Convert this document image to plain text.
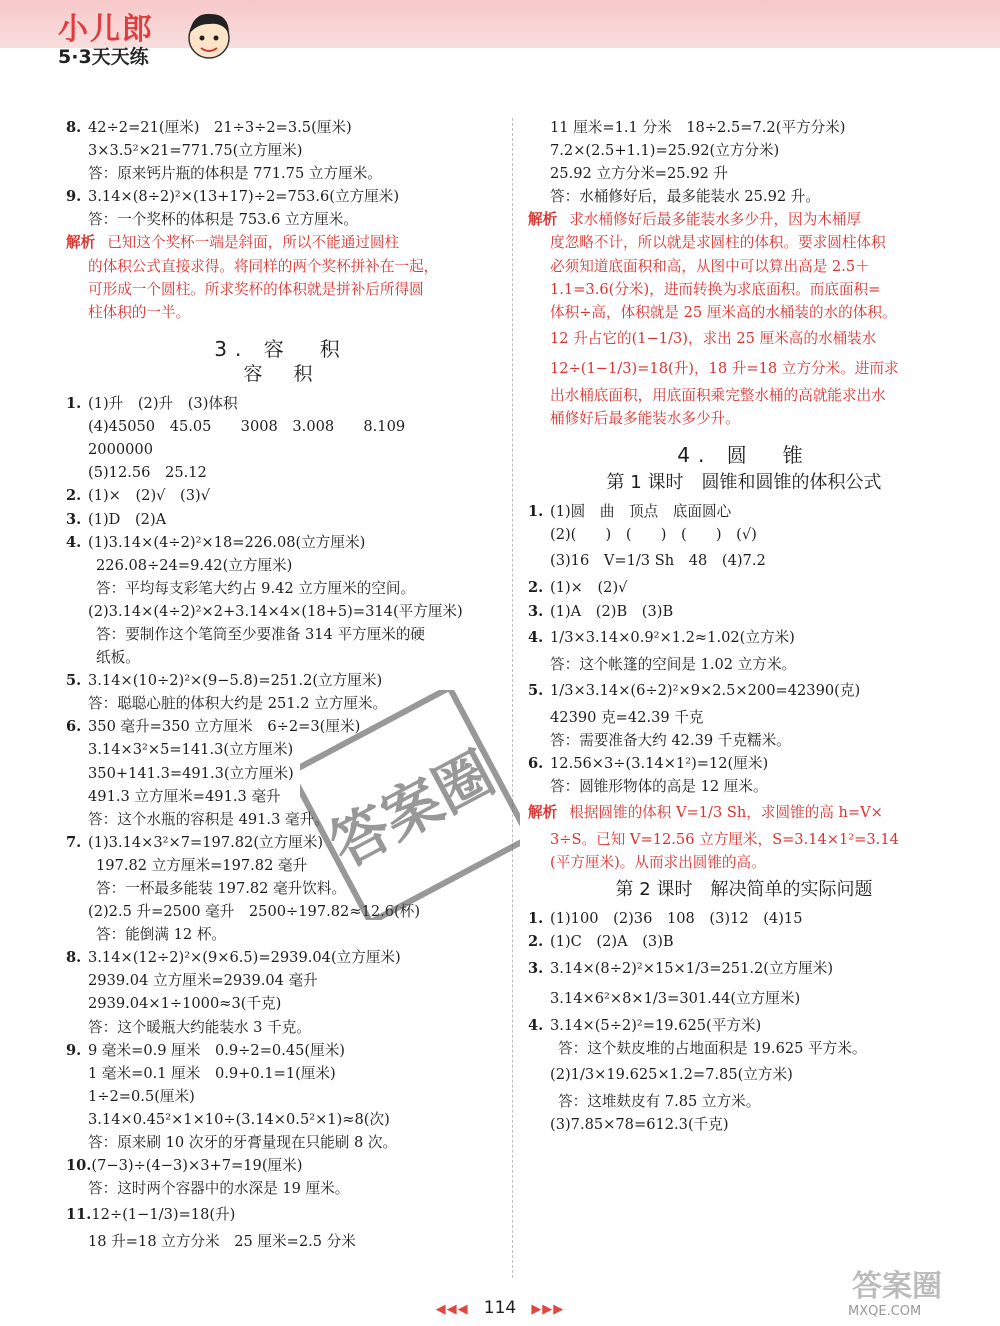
小儿郎
5·3天天练
8. 42÷2=21(厘米)　21÷3÷2=3.5(厘米)
3×3.5²×21=771.75(立方厘米)
答：原来钙片瓶的体积是 771.75 立方厘米。
9. 3.14×(8÷2)²×(13+17)÷2=753.6(立方厘米)
答：一个奖杯的体积是 753.6 立方厘米。
解析 已知这个奖杯一端是斜面，所以不能通过圆柱
的体积公式直接求得。将同样的两个奖杯拼补在一起，
可形成一个圆柱。所求奖杯的体积就是拼补后所得圆
柱体积的一半。
3. 容　积
容　积
1. (1)升　(2)升　(3)体积
(4)45050　45.05　　3008　3.008　　8.109
2000000
(5)12.56　25.12
2. (1)×　(2)√　(3)√
3. (1)D　(2)A
4. (1)3.14×(4÷2)²×18=226.08(立方厘米)
226.08÷24=9.42(立方厘米)
答：平均每支彩笔大约占 9.42 立方厘米的空间。
(2)3.14×(4÷2)²×2+3.14×4×(18+5)=314(平方厘米)
答：要制作这个笔筒至少要准备 314 平方厘米的硬
纸板。
5. 3.14×(10÷2)²×(9−5.8)=251.2(立方厘米)
答：聪聪心脏的体积大约是 251.2 立方厘米。
6. 350 毫升=350 立方厘米　6÷2=3(厘米)
3.14×3²×5=141.3(立方厘米)
350+141.3=491.3(立方厘米)
491.3 立方厘米=491.3 毫升
答：这个水瓶的容积是 491.3 毫升。
7. (1)3.14×3²×7=197.82(立方厘米)
197.82 立方厘米=197.82 毫升
答：一杯最多能装 197.82 毫升饮料。
(2)2.5 升=2500 毫升　2500÷197.82≈12.6(杯)
答：能倒满 12 杯。
8. 3.14×(12÷2)²×(9×6.5)=2939.04(立方厘米)
2939.04 立方厘米=2939.04 毫升
2939.04×1÷1000≈3(千克)
答：这个暖瓶大约能装水 3 千克。
9. 9 毫米=0.9 厘米　0.9÷2=0.45(厘米)
1 毫米=0.1 厘米　0.9+0.1=1(厘米)
1÷2=0.5(厘米)
3.14×0.45²×1×10÷(3.14×0.5²×1)≈8(次)
答：原来刷 10 次牙的牙膏量现在只能刷 8 次。
10.(7−3)÷(4−3)×3+7=19(厘米)
答：这时两个容器中的水深是 19 厘米。
11.12÷(1−1/3)=18(升)
18 升=18 立方分米　25 厘米=2.5 分米
11 厘米=1.1 分米　18÷2.5=7.2(平方分米)
7.2×(2.5+1.1)=25.92(立方分米)
25.92 立方分米=25.92 升
答：水桶修好后，最多能装水 25.92 升。
解析 求水桶修好后最多能装水多少升，因为木桶厚
度忽略不计，所以就是求圆柱的体积。要求圆柱体积
必须知道底面积和高，从图中可以算出高是 2.5＋
1.1=3.6(分米)，进而转换为求底面积。而底面积=
体积÷高，体积就是 25 厘米高的水桶装的水的体积。
12 升占它的(1−1/3)，求出 25 厘米高的水桶装水
12÷(1−1/3)=18(升)，18 升=18 立方分米。进而求
出水桶底面积，用底面积乘完整水桶的高就能求出水
桶修好后最多能装水多少升。
4. 圆　锥
第 1 课时　圆锥和圆锥的体积公式
1. (1)圆　曲　顶点　底面圆心
(2)(　　)　(　　)　(　　)　(√)
(3)16　V=1/3 Sh　48　(4)7.2
2. (1)×　(2)√
3. (1)A　(2)B　(3)B
4. 1/3×3.14×0.9²×1.2≈1.02(立方米)
答：这个帐篷的空间是 1.02 立方米。
5. 1/3×3.14×(6÷2)²×9×2.5×200=42390(克)
42390 克=42.39 千克
答：需要准备大约 42.39 千克糯米。
6. 12.56×3÷(3.14×1²)=12(厘米)
答：圆锥形物体的高是 12 厘米。
解析 根据圆锥的体积 V=1/3 Sh，求圆锥的高 h=V×
3÷S。已知 V=12.56 立方厘米，S=3.14×1²=3.14
(平方厘米)。从而求出圆锥的高。
第 2 课时　解决简单的实际问题
1. (1)100　(2)36　108　(3)12　(4)15
2. (1)C　(2)A　(3)B
3. 3.14×(8÷2)²×15×1/3=251.2(立方厘米)
3.14×6²×8×1/3=301.44(立方厘米)
4. 3.14×(5÷2)²=19.625(平方米)
答：这个麸皮堆的占地面积是 19.625 平方米。
(2)1/3×19.625×1.2=7.85(立方米)
答：这堆麸皮有 7.85 立方米。
(3)7.85×78=612.3(千克)
答案圈
◀◀◀ 114 ▶▶▶
答案圈
MXQE.COM
